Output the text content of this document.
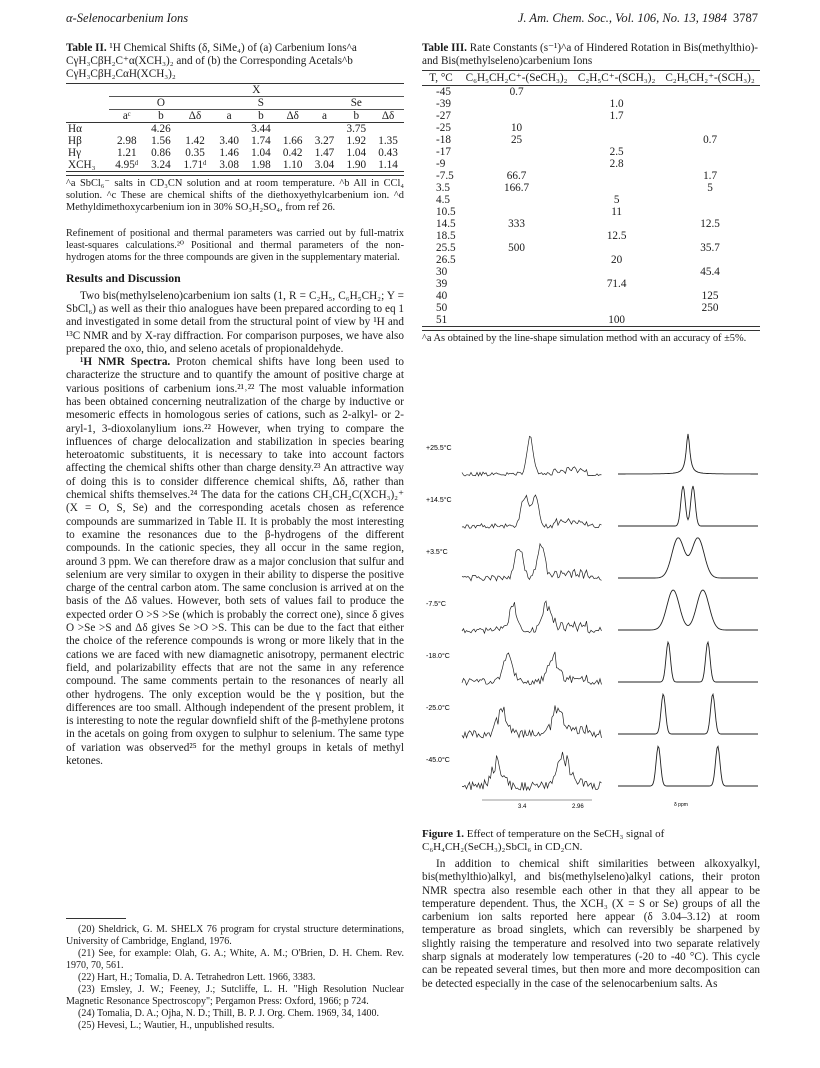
α-Selenocarbenium Ions	J. Am. Chem. Soc., Vol. 106, No. 13, 1984 3787
Table II. ¹H Chemical Shifts (δ, SiMe₄) of (a) Carbenium Ions^a CγH₃CβH₂C⁺α(XCH₃)₂ and of (b) the Corresponding Acetals^b CγH₃CβH₂CαH(XCH₃)₂
	X								
	O			S			Se		
	aᶜ	b	Δδ	a	b	Δδ	a	b	Δδ
Hα		4.26			3.44			3.75	
Hβ	2.98	1.56	1.42	3.40	1.74	1.66	3.27	1.92	1.35
Hγ	1.21	0.86	0.35	1.46	1.04	0.42	1.47	1.04	0.43
XCH₃	4.95ᵈ	3.24	1.71ᵈ	3.08	1.98	1.10	3.04	1.90	1.14
^a SbCl₆⁻ salts in CD₃CN solution and at room temperature. ^b All in CCl₄ solution. ^c These are chemical shifts of the diethoxyethylcarbenium ion. ^d Methyldimethoxycarbenium ion in 30% SO₃H₂SO₄, from ref 26.

Refinement of positional and thermal parameters was carried out by full-matrix least-squares calculations.²⁰ Positional and thermal parameters of the non-hydrogen atoms for the three compounds are given in the supplementary material.

Results and Discussion

Two bis(methylseleno)carbenium ion salts (1, R = C₂H₅, C₆H₅CH₂; Y = SbCl₆) as well as their thio analogues have been prepared according to eq 1 and investigated in some detail from the structural point of view by ¹H and ¹³C NMR and by X-ray diffraction. For comparison purposes, we have also prepared the oxo, thio, and seleno acetals of propionaldehyde.

¹H NMR Spectra. Proton chemical shifts have long been used to characterize the structure and to quantify the amount of positive charge at various positions of carbenium ions.²¹˒²² The most valuable information has been obtained concerning neutralization of the charge by inductive or mesomeric effects in homologous series of cations, such as 2-alkyl- or 2-aryl-1, 3-dioxolanylium ions.²² However, when trying to compare the influences of charge delocalization and stabilization in species bearing heteroatomic substituents, it is necessary to take into account factors affecting the chemical shifts other than charge density.²³ An attractive way of doing this is to consider difference chemical shifts, Δδ, rather than chemical shifts themselves.²⁴ The data for the cations CH₃CH₂C(XCH₃)₂⁺ (X = O, S, Se) and the corresponding acetals chosen as reference compounds are summarized in Table II. It is probably the most interesting to examine the resonances due to the β-hydrogens of the different compounds. In the cationic species, they all occur in the same region, around 3 ppm. We can therefore draw as a major conclusion that sulfur and selenium are very similar to oxygen in their ability to disperse the positive charge of the central carbon atom. The same conclusion is arrived at on the basis of the Δδ values. However, both sets of values fail to produce the expected order O >S >Se (which is probably the correct one), since δ gives O >Se >S and Δδ gives Se >O >S. This can be due to the fact that either the choice of the reference compounds is wrong or more likely that in the cations we are faced with new diamagnetic anisotropy, permanent electric field, and polarizability effects that are not the same in any reference compound. The same comments pertain to the resonances of nearly all other hydrogens. The only exception would be the γ position, but the differences are too small. Although independent of the present problem, it is interesting to note the regular downfield shift of the β-methylene protons in the acetals on going from oxygen to sulphur to selenium. The same type of variation was observed²⁵ for the methyl groups in ketals of methyl ketones.

(20) Sheldrick, G. M. SHELX 76 program for crystal structure determinations, University of Cambridge, England, 1976.

(21) See, for example: Olah, G. A.; White, A. M.; O'Brien, D. H. Chem. Rev. 1970, 70, 561.

(22) Hart, H.; Tomalia, D. A. Tetrahedron Lett. 1966, 3383.

(23) Emsley, J. W.; Feeney, J.; Sutcliffe, L. H. "High Resolution Nuclear Magnetic Resonance Spectroscopy"; Pergamon Press: Oxford, 1966; p 724.

(24) Tomalia, D. A.; Ojha, N. D.; Thill, B. P. J. Org. Chem. 1969, 34, 1400.

(25) Hevesi, L.; Wautier, H., unpublished results.

Table III. Rate Constants (s⁻¹)^a of Hindered Rotation in Bis(methylthio)- and Bis(methylseleno)carbenium Ions
T, °C	C₆H₅CH₂C⁺-(SeCH₃)₂	C₂H₅C⁺-(SCH₃)₂	C₂H₅CH₂⁺-(SCH₃)₂
-45	0.7		
-39		1.0	
-27		1.7	
-25	10		
-18	25		0.7
-17		2.5	
-9		2.8	
-7.5	66.7		1.7
3.5	166.7		5
4.5		5	
10.5		11	
14.5	333		12.5
18.5		12.5	
25.5	500		35.7
26.5		20	
30			45.4
39		71.4	
40			125
50			250
51		100	
^a As obtained by the line-shape simulation method with an accuracy of ±5%.
+25.5°C
+14.5°C
+3.5°C
-7.5°C
-18.0°C
-25.0°C
-45.0°C
3.4	2.96	δ ppm
Figure 1. Effect of temperature on the SeCH₃ signal of C₆H₄CH₂(SeCH₃)₂SbCl₆ in CD₂CN.

In addition to chemical shift similarities between alkoxyalkyl, bis(methylthio)alkyl, and bis(methylseleno)alkyl cations, their proton NMR spectra also resemble each other in that they all appear to be temperature dependent. Thus, the XCH₃ (X = S or Se) groups of all the carbenium ion salts reported here appear (δ 3.04–3.12) at room temperature as broad singlets, which can reversibly be sharpened by slightly raising the temperature and resolved into two separate relatively sharp signals at moderately low temperatures (-20 to -40 °C). This cycle can be repeated several times, but then more and more decomposition can be detected especially in the case of the selenocarbenium salts. As
